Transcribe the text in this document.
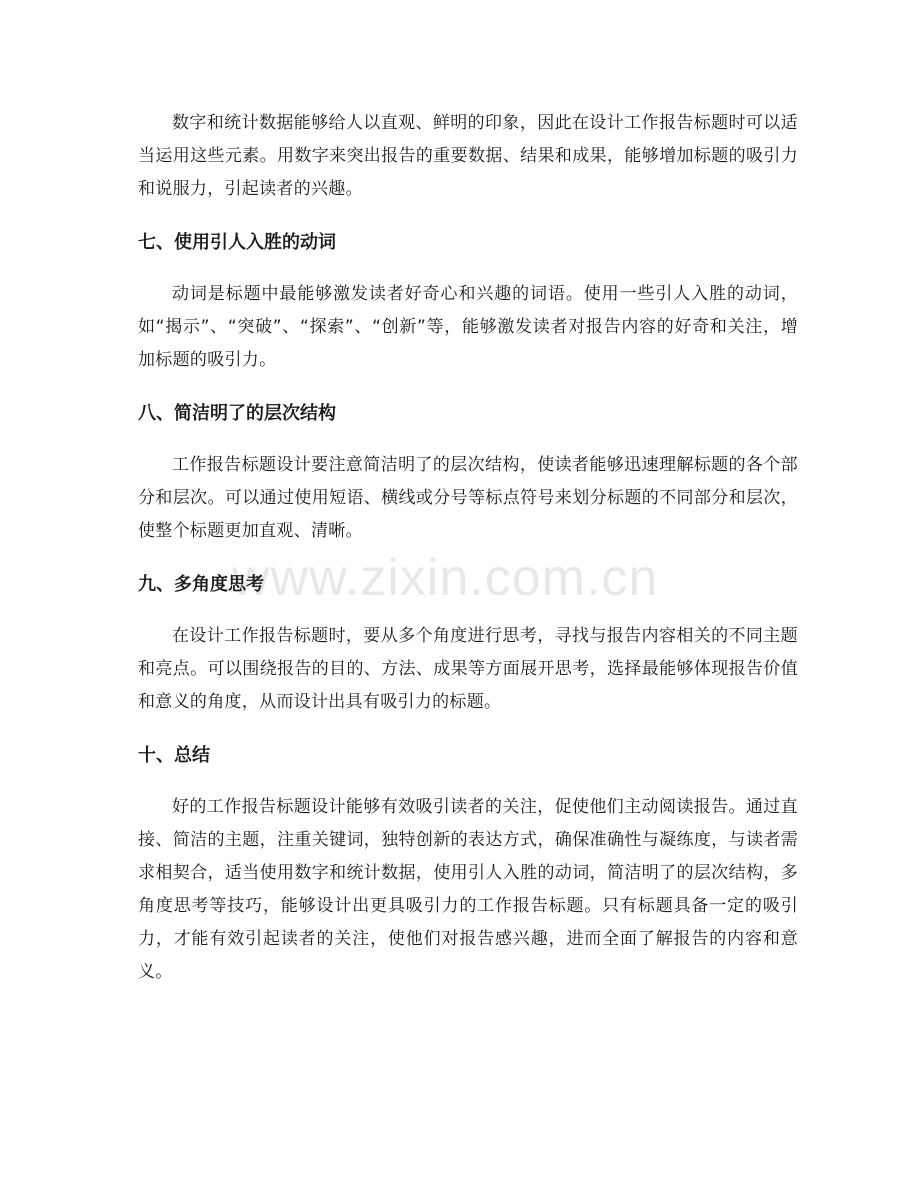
www.zixin.com.cn

数字和统计数据能够给人以直观、鲜明的印象，因此在设计工作报告标题时可以适当运用这些元素。用数字来突出报告的重要数据、结果和成果，能够增加标题的吸引力和说服力，引起读者的兴趣。

七、使用引人入胜的动词

动词是标题中最能够激发读者好奇心和兴趣的词语。使用一些引人入胜的动词，如“揭示”、“突破”、“探索”、“创新”等，能够激发读者对报告内容的好奇和关注，增加标题的吸引力。

八、简洁明了的层次结构

工作报告标题设计要注意简洁明了的层次结构，使读者能够迅速理解标题的各个部分和层次。可以通过使用短语、横线或分号等标点符号来划分标题的不同部分和层次，使整个标题更加直观、清晰。

九、多角度思考

在设计工作报告标题时，要从多个角度进行思考，寻找与报告内容相关的不同主题和亮点。可以围绕报告的目的、方法、成果等方面展开思考，选择最能够体现报告价值和意义的角度，从而设计出具有吸引力的标题。

十、总结

好的工作报告标题设计能够有效吸引读者的关注，促使他们主动阅读报告。通过直接、简洁的主题，注重关键词，独特创新的表达方式，确保准确性与凝练度，与读者需求相契合，适当使用数字和统计数据，使用引人入胜的动词，简洁明了的层次结构，多角度思考等技巧，能够设计出更具吸引力的工作报告标题。只有标题具备一定的吸引力，才能有效引起读者的关注，使他们对报告感兴趣，进而全面了解报告的内容和意义。
